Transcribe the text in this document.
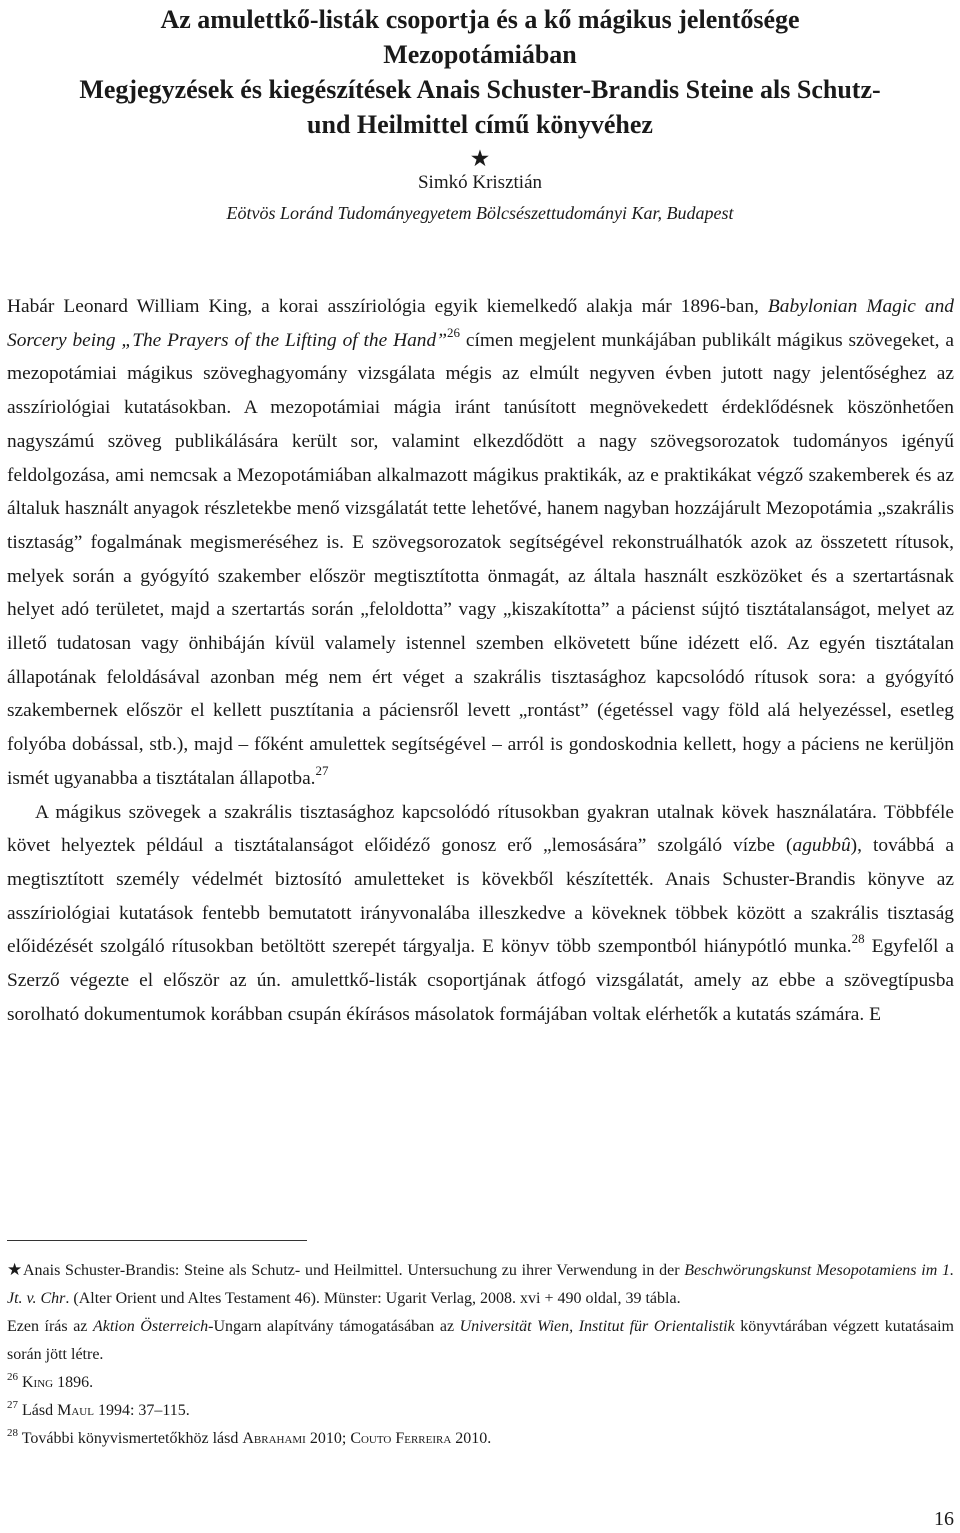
Az amulettkő-listák csoportja és a kő mágikus jelentősége
Mezopotámiában
Megjegyzések és kiegészítések Anais Schuster-Brandis Steine als Schutz-
und Heilmittel című könyvéhez
★
Simkó Krisztián
Eötvös Loránd Tudományegyetem Bölcsészettudományi Kar, Budapest

Habár Leonard William King, a korai asszíriológia egyik kiemelkedő alakja már 1896-ban, Babylonian Magic and Sorcery being „The Prayers of the Lifting of the Hand”$^{26}$ címen megjelent munkájában publikált mágikus szövegeket, a mezopotámiai mágikus szöveghagyomány vizsgálata mégis az elmúlt negyven évben jutott nagy jelentőséghez az asszíriológiai kutatásokban. A mezopotámiai mágia iránt tanúsított megnövekedett érdeklődésnek köszönhetően nagyszámú szöveg publikálására került sor, valamint elkezdődött a nagy szövegsorozatok tudományos igényű feldolgozása, ami nemcsak a Mezopotámiában alkalmazott mágikus praktikák, az e praktikákat végző szakemberek és az általuk használt anyagok részletekbe menő vizsgálatát tette lehetővé, hanem nagyban hozzájárult Mezopotámia „szakrális tisztaság” fogalmának megismeréséhez is. E szövegsorozatok segítségével rekonstruálhatók azok az összetett rítusok, melyek során a gyógyító szakember először megtisztította önmagát, az általa használt eszközöket és a szertartásnak helyet adó területet, majd a szertartás során „feloldotta” vagy „kiszakította” a pácienst sújtó tisztátalanságot, melyet az illető tudatosan vagy önhibáján kívül valamely istennel szemben elkövetett bűne idézett elő. Az egyén tisztátalan állapotának feloldásával azonban még nem ért véget a szakrális tisztasághoz kapcsolódó rítusok sora: a gyógyító szakembernek először el kellett pusztítania a páciensről levett „rontást” (égetéssel vagy föld alá helyezéssel, esetleg folyóba dobással, stb.), majd – főként amulettek segítségével – arról is gondoskodnia kellett, hogy a páciens ne kerüljön ismét ugyanabba a tisztátalan állapotba.$^{27}$

A mágikus szövegek a szakrális tisztasághoz kapcsolódó rítusokban gyakran utalnak kövek használatára. Többféle követ helyeztek például a tisztátalanságot előidéző gonosz erő „lemosására” szolgáló vízbe (agubbû), továbbá a megtisztított személy védelmét biztosító amuletteket is kövekből készítették. Anais Schuster-Brandis könyve az asszíriológiai kutatások fentebb bemutatott irányvonalába illeszkedve a köveknek többek között a szakrális tisztaság előidézését szolgáló rítusokban betöltött szerepét tárgyalja. E könyv több szempontból hiánypótló munka.$^{28}$ Egyfelől a Szerző végezte el először az ún. amulettkő-listák csoportjának átfogó vizsgálatát, amely az ebbe a szövegtípusba sorolható dokumentumok korábban csupán ékírásos másolatok formájában voltak elérhetők a kutatás számára. E

★Anais Schuster-Brandis: Steine als Schutz- und Heilmittel. Untersuchung zu ihrer Verwendung in der Beschwörungskunst Mesopotamiens im 1. Jt. v. Chr. (Alter Orient und Altes Testament 46). Münster: Ugarit Verlag, 2008. xvi + 490 oldal, 39 tábla.

Ezen írás az Aktion Österreich-Ungarn alapítvány támogatásában az Universität Wien, Institut für Orientalistik könyvtárában végzett kutatásaim során jött létre.

$^{26}$ King 1896.

$^{27}$ Lásd Maul 1994: 37–115.

$^{28}$ További könyvismertetőkhöz lásd Abrahami 2010; Couto Ferreira 2010.

16
